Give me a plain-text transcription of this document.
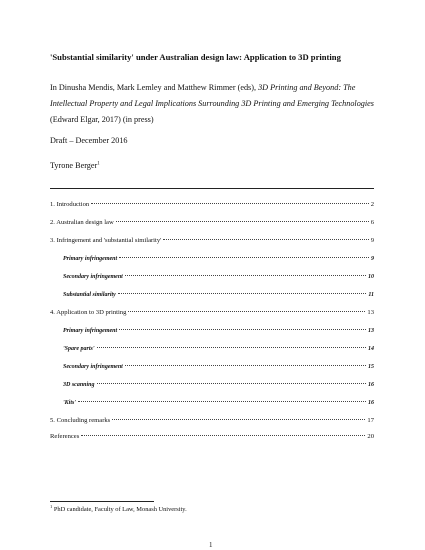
'Substantial similarity' under Australian design law: Application to 3D printing
In Dinusha Mendis, Mark Lemley and Matthew Rimmer (eds), 3D Printing and Beyond: The Intellectual Property and Legal Implications Surrounding 3D Printing and Emerging Technologies (Edward Elgar, 2017) (in press)
Draft – December 2016
Tyrone Berger$^1$
1. Introduction	2
2. Australian design law	6
3. Infringement and 'substantial similarity'	9
Primary infringement	9
Secondary infringement	10
Substantial similarity	11
4. Application to 3D printing	13
Primary infringement	13
'Spare parts'	14
Secondary infringement	15
3D scanning	16
'Kits'	16
5. Concluding remarks	17
References	20
$^1$ PhD candidate, Faculty of Law, Monash University.
1
